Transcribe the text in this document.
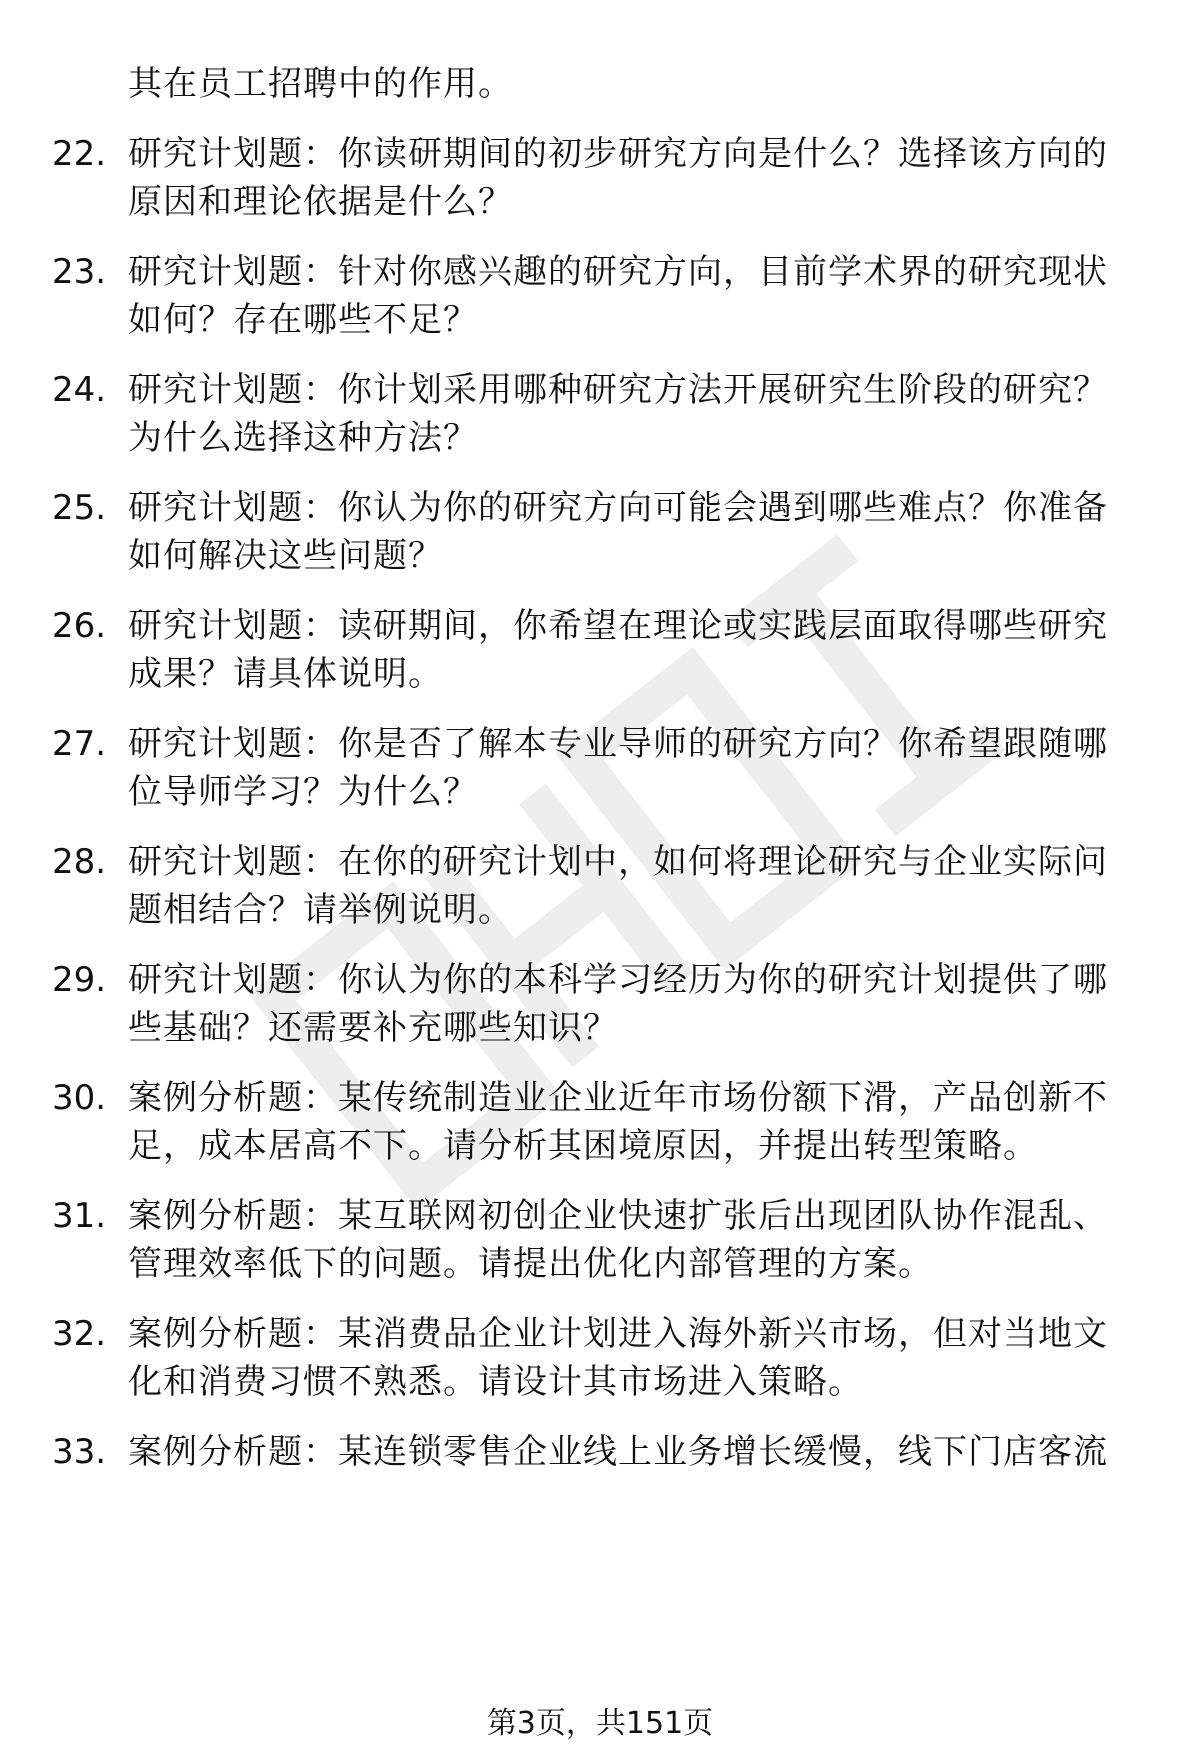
其在员工招聘中的作用。
22. 研究计划题：你读研期间的初步研究方向是什么？选择该方向的
原因和理论依据是什么？
23. 研究计划题：针对你感兴趣的研究方向，目前学术界的研究现状
如何？存在哪些不足？
24. 研究计划题：你计划采用哪种研究方法开展研究生阶段的研究？
为什么选择这种方法？
25. 研究计划题：你认为你的研究方向可能会遇到哪些难点？你准备
如何解决这些问题？
26. 研究计划题：读研期间，你希望在理论或实践层面取得哪些研究
成果？请具体说明。
27. 研究计划题：你是否了解本专业导师的研究方向？你希望跟随哪
位导师学习？为什么？
28. 研究计划题：在你的研究计划中，如何将理论研究与企业实际问
题相结合？请举例说明。
29. 研究计划题：你认为你的本科学习经历为你的研究计划提供了哪
些基础？还需要补充哪些知识？
30. 案例分析题：某传统制造业企业近年市场份额下滑，产品创新不
足，成本居高不下。请分析其困境原因，并提出转型策略。
31. 案例分析题：某互联网初创企业快速扩张后出现团队协作混乱、
管理效率低下的问题。请提出优化内部管理的方案。
32. 案例分析题：某消费品企业计划进入海外新兴市场，但对当地文
化和消费习惯不熟悉。请设计其市场进入策略。
33. 案例分析题：某连锁零售企业线上业务增长缓慢，线下门店客流
第3页，共151页
